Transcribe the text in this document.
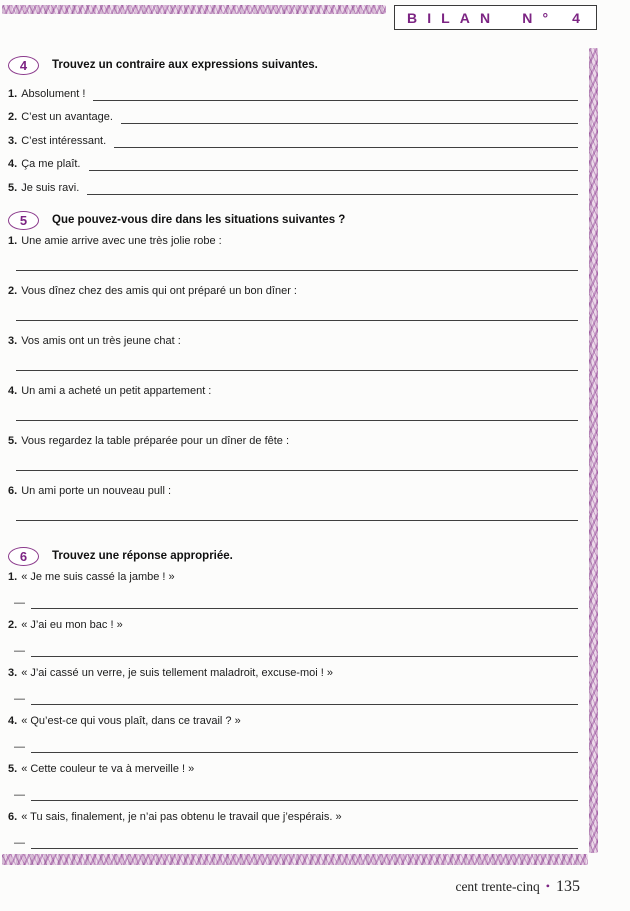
BILAN N° 4
4	Trouvez un contraire aux expressions suivantes.
1. Absolument !
2. C’est un avantage.
3. C’est intéressant.
4. Ça me plaît.
5. Je suis ravi.
5	Que pouvez-vous dire dans les situations suivantes ?
1. Une amie arrive avec une très jolie robe :
2. Vous dînez chez des amis qui ont préparé un bon dîner :
3. Vos amis ont un très jeune chat :
4. Un ami a acheté un petit appartement :
5. Vous regardez la table préparée pour un dîner de fête :
6. Un ami porte un nouveau pull :
6	Trouvez une réponse appropriée.
1. « Je me suis cassé la jambe ! »
—
2. « J’ai eu mon bac ! »
—
3. « J’ai cassé un verre, je suis tellement maladroit, excuse-moi ! »
—
4. « Qu’est-ce qui vous plaît, dans ce travail ? »
—
5. « Cette couleur te va à merveille ! »
—
6. « Tu sais, finalement, je n’ai pas obtenu le travail que j’espérais. »
—
cent trente-cinq • 135
